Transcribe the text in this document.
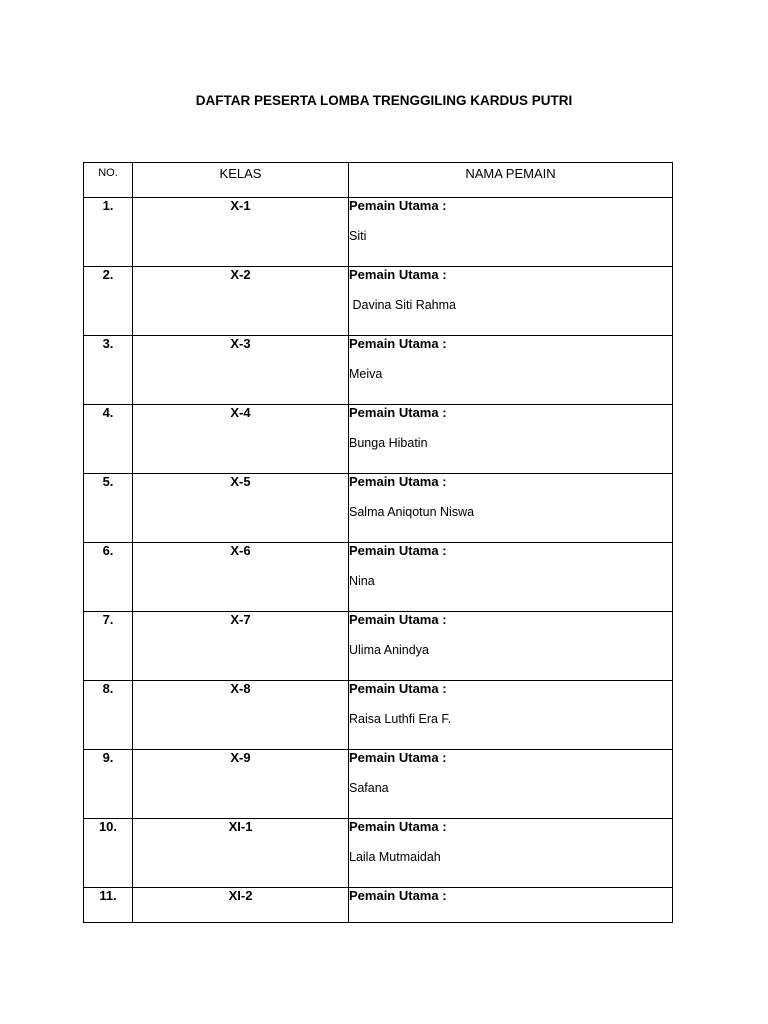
DAFTAR PESERTA LOMBA TRENGGILING KARDUS PUTRI
NO.	KELAS	NAMA PEMAIN
1.	X-1	Pemain Utama :
Siti

2.	X-2	Pemain Utama :
Davina Siti Rahma

3.	X-3	Pemain Utama :
Meiva

4.	X-4	Pemain Utama :
Bunga Hibatin

5.	X-5	Pemain Utama :
Salma Aniqotun Niswa

6.	X-6	Pemain Utama :
Nina

7.	X-7	Pemain Utama :
Ulima Anindya

8.	X-8	Pemain Utama :
Raisa Luthfi Era F.

9.	X-9	Pemain Utama :
Safana

10.	XI-1	Pemain Utama :
Laila Mutmaidah

11.	XI-2	Pemain Utama :
